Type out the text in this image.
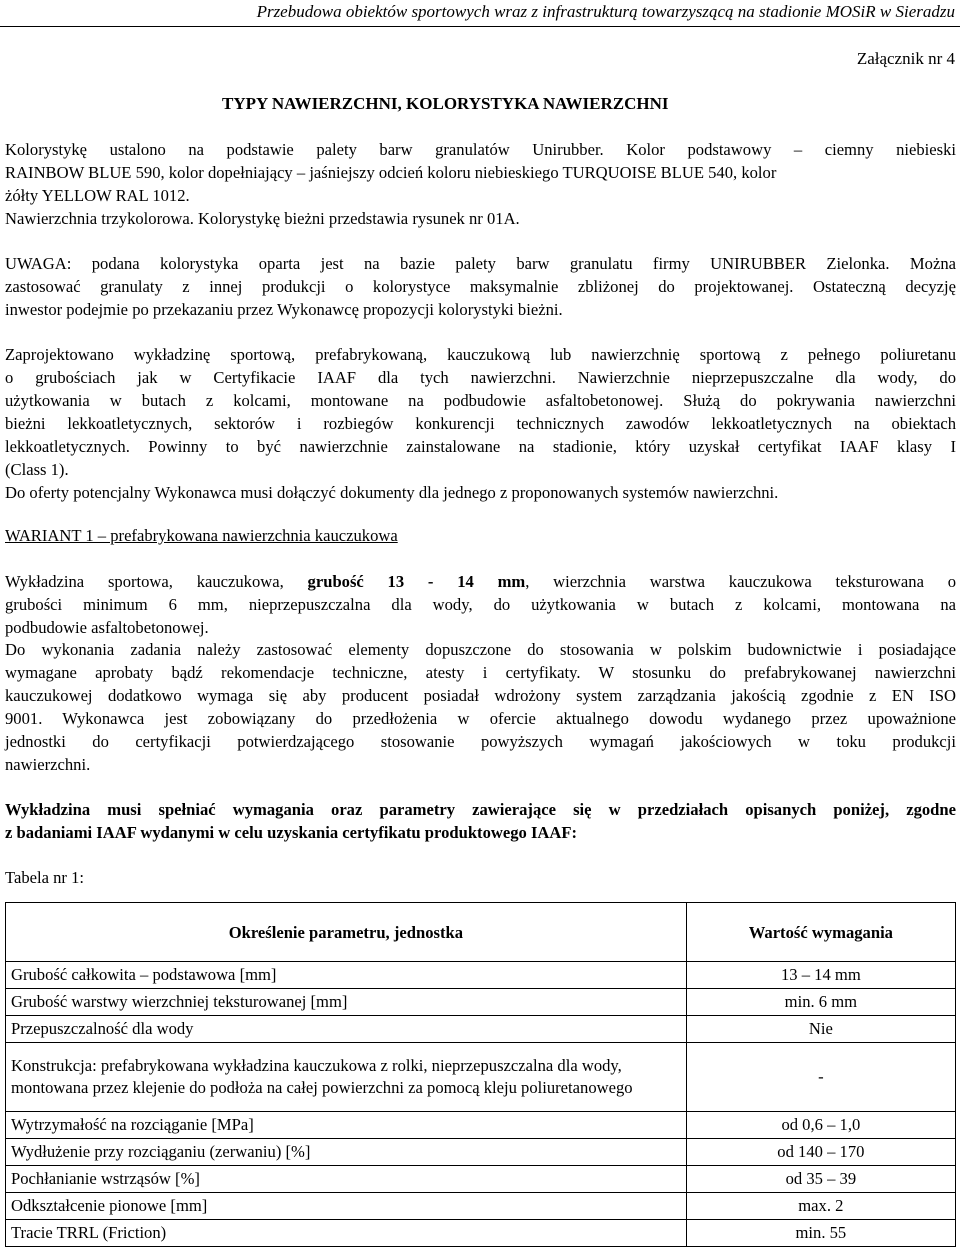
Przebudowa obiektów sportowych wraz z infrastrukturą towarzyszącą na stadionie MOSiR w Sieradzu
Załącznik nr 4
TYPY NAWIERZCHNI, KOLORYSTYKA NAWIERZCHNI
Kolorystykę ustalono na podstawie palety barw granulatów Unirubber. Kolor podstawowy – ciemny niebieski
RAINBOW BLUE 590, kolor dopełniający – jaśniejszy odcień koloru niebieskiego TURQUOISE BLUE 540, kolor
żółty YELLOW RAL 1012.
Nawierzchnia trzykolorowa. Kolorystykę bieżni przedstawia rysunek nr 01A.
UWAGA: podana kolorystyka oparta jest na bazie palety barw granulatu firmy UNIRUBBER Zielonka. Można
zastosować granulaty z innej produkcji o kolorystyce maksymalnie zbliżonej do projektowanej. Ostateczną decyzję
inwestor podejmie po przekazaniu przez Wykonawcę propozycji kolorystyki bieżni.
Zaprojektowano wykładzinę sportową, prefabrykowaną, kauczukową lub nawierzchnię sportową z pełnego poliuretanu
o grubościach jak w Certyfikacie IAAF dla tych nawierzchni. Nawierzchnie nieprzepuszczalne dla wody, do
użytkowania w butach z kolcami, montowane na podbudowie asfaltobetonowej. Służą do pokrywania nawierzchni
bieżni lekkoatletycznych, sektorów i rozbiegów konkurencji technicznych zawodów lekkoatletycznych na obiektach
lekkoatletycznych. Powinny to być nawierzchnie zainstalowane na stadionie, który uzyskał certyfikat IAAF klasy I
(Class 1).
Do oferty potencjalny Wykonawca musi dołączyć dokumenty dla jednego z proponowanych systemów nawierzchni.
WARIANT 1 – prefabrykowana nawierzchnia kauczukowa
Wykładzina sportowa, kauczukowa, grubość 13 - 14 mm, wierzchnia warstwa kauczukowa teksturowana o
grubości minimum 6 mm, nieprzepuszczalna dla wody, do użytkowania w butach z kolcami, montowana na
podbudowie asfaltobetonowej.
Do wykonania zadania należy zastosować elementy dopuszczone do stosowania w polskim budownictwie i posiadające
wymagane aprobaty bądź rekomendacje techniczne, atesty i certyfikaty. W stosunku do prefabrykowanej nawierzchni
kauczukowej dodatkowo wymaga się aby producent posiadał wdrożony system zarządzania jakością zgodnie z EN ISO
9001. Wykonawca jest zobowiązany do przedłożenia w ofercie aktualnego dowodu wydanego przez upoważnione
jednostki do certyfikacji potwierdzającego stosowanie powyższych wymagań jakościowych w toku produkcji
nawierzchni.
Wykładzina musi spełniać wymagania oraz parametry zawierające się w przedziałach opisanych poniżej, zgodne
z badaniami IAAF wydanymi w celu uzyskania certyfikatu produktowego IAAF:
Tabela nr 1:
Określenie parametru, jednostka	Wartość wymagania
Grubość całkowita – podstawowa [mm]	13 – 14 mm
Grubość warstwy wierzchniej teksturowanej [mm]	min. 6 mm
Przepuszczalność dla wody	Nie
Konstrukcja: prefabrykowana wykładzina kauczukowa z rolki, nieprzepuszczalna dla wody, montowana przez klejenie do podłoża na całej powierzchni za pomocą kleju poliuretanowego	-
Wytrzymałość na rozciąganie [MPa]	od 0,6 – 1,0
Wydłużenie przy rozciąganiu (zerwaniu) [%]	od 140 – 170
Pochłanianie wstrząsów [%]	od 35 – 39
Odkształcenie pionowe [mm]	max. 2
Tracie TRRL (Friction)	min. 55
